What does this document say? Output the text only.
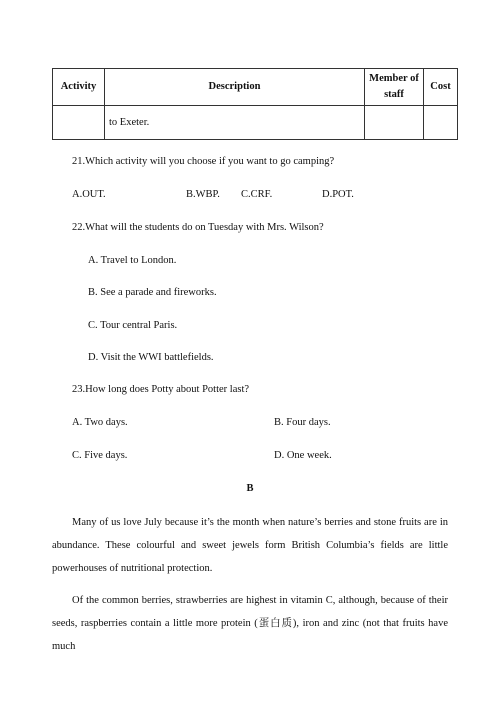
Activity	Description	Member of staff	Cost
	to Exeter.		
21.Which activity will you choose if you want to go camping?
A.OUT.	B.WBP. C.CRF.	D.POT.
22.What will the students do on Tuesday with Mrs. Wilson?
A. Travel to London.
B. See a parade and fireworks.
C. Tour central Paris.
D. Visit the WWI battlefields.
23.How long does Potty about Potter last?
A. Two days.	B. Four days.
C. Five days.	D. One week.
B
Many of us love July because it’s the month when nature’s berries and stone fruits are in abundance. These colourful and sweet jewels form British Columbia’s fields are little powerhouses of nutritional protection.
Of the common berries, strawberries are highest in vitamin C, although, because of their seeds, raspberries contain a little more protein (蛋白质), iron and zinc (not that fruits have much
